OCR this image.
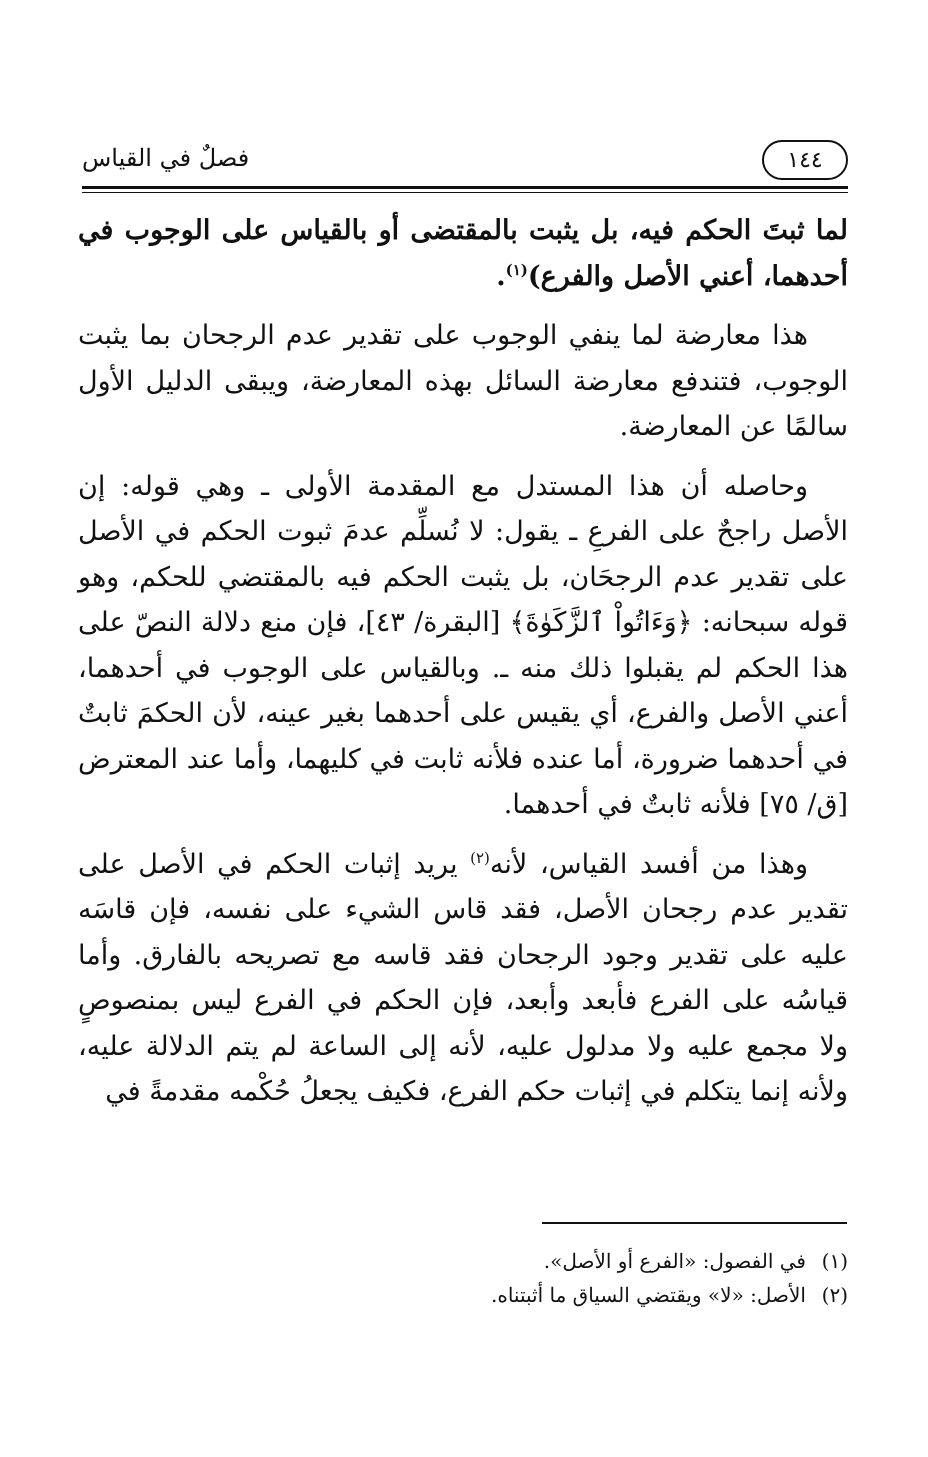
١٤٤
فصلٌ في القياس

لما ثبتَ الحكم فيه، بل يثبت بالمقتضى أو بالقياس على الوجوب في أحدهما، أعني الأصل والفرع)$^{(١)}$.

هذا معارضة لما ينفي الوجوب على تقدير عدم الرجحان بما يثبت الوجوب، فتندفع معارضة السائل بهذه المعارضة، ويبقى الدليل الأول سالمًا عن المعارضة.

وحاصله أن هذا المستدل مع المقدمة الأولى ـ وهي قوله: إن الأصل راجحٌ على الفرعِ ـ يقول: لا نُسلِّم عدمَ ثبوت الحكم في الأصل على تقدير عدم الرجحَان، بل يثبت الحكم فيه بالمقتضي للحكم، وهو قوله سبحانه: ﴿وَءَاتُواْ ٱلزَّكَوٰةَ﴾ [البقرة/ ٤٣]، فإن منع دلالة النصّ على هذا الحكم لم يقبلوا ذلك منه ـ. وبالقياس على الوجوب في أحدهما، أعني الأصل والفرع، أي يقيس على أحدهما بغير عينه، لأن الحكمَ ثابتٌ في أحدهما ضرورة، أما عنده فلأنه ثابت في كليهما، وأما عند المعترض [ق/ ٧٥] فلأنه ثابتٌ في أحدهما.

وهذا من أفسد القياس، لأنه$^{(٢)}$ يريد إثبات الحكم في الأصل على تقدير عدم رجحان الأصل، فقد قاس الشيء على نفسه، فإن قاسَه عليه على تقدير وجود الرجحان فقد قاسه مع تصريحه بالفارق. وأما قياسُه على الفرع فأبعد وأبعد، فإن الحكم في الفرع ليس بمنصوصٍ ولا مجمع عليه ولا مدلول عليه، لأنه إلى الساعة لم يتم الدلالة عليه، ولأنه إنما يتكلم في إثبات حكم الفرع، فكيف يجعلُ حُكْمه مقدمةً في

(١)في الفصول: «الفرع أو الأصل».

(٢)الأصل: «لا» ويقتضي السياق ما أثبتناه.
